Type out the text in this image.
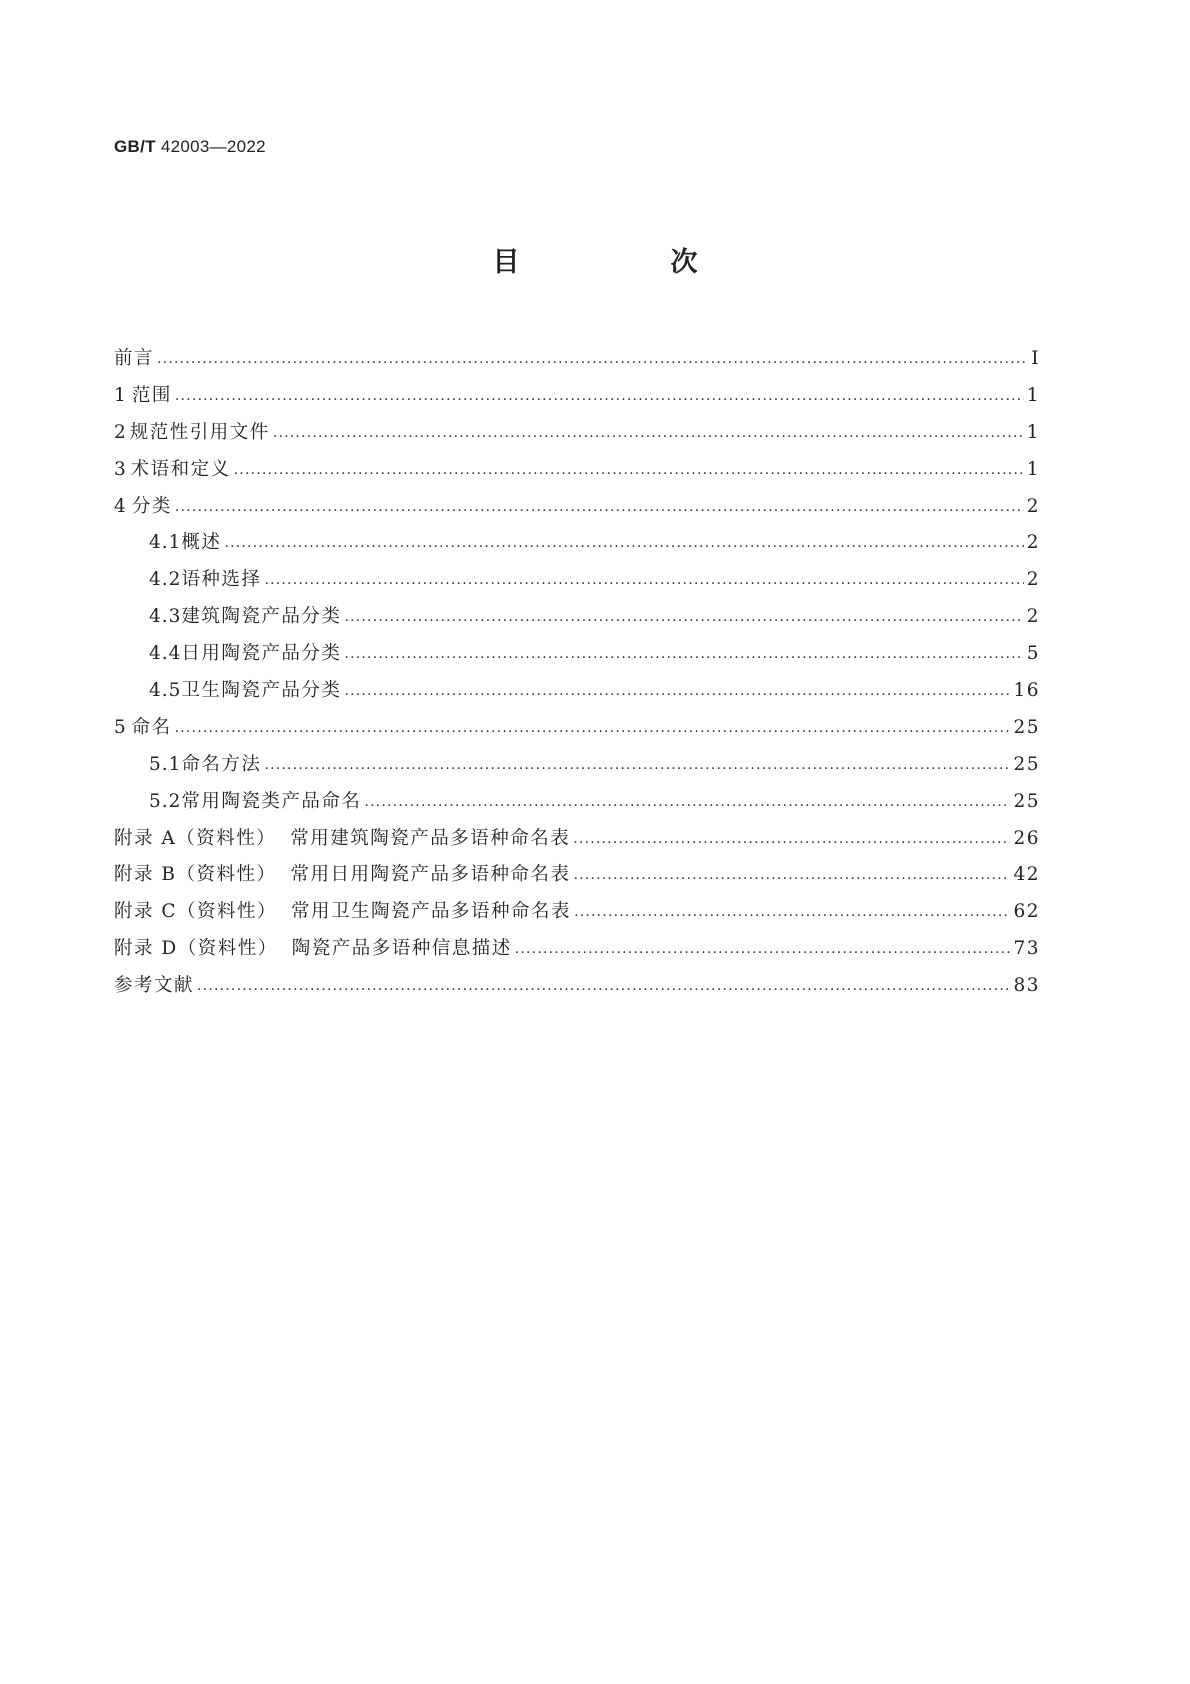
GB/T 42003—2022
目　次
前言 .....	Ⅰ
1 范围 .....	1
2 规范性引用文件 .....	1
3 术语和定义 .....	1
4 分类 .....	2
4.1 概述 .....	2
4.2 语种选择 .....	2
4.3 建筑陶瓷产品分类 .....	2
4.4 日用陶瓷产品分类 .....	5
4.5 卫生陶瓷产品分类 .....	16
5 命名 .....	25
5.1 命名方法 .....	25
5.2 常用陶瓷类产品命名 .....	25
附录 A（资料性） 常用建筑陶瓷产品多语种命名表 .....	26
附录 B（资料性） 常用日用陶瓷产品多语种命名表 .....	42
附录 C（资料性） 常用卫生陶瓷产品多语种命名表 .....	62
附录 D（资料性） 陶瓷产品多语种信息描述 .....	73
参考文献 .....	83
